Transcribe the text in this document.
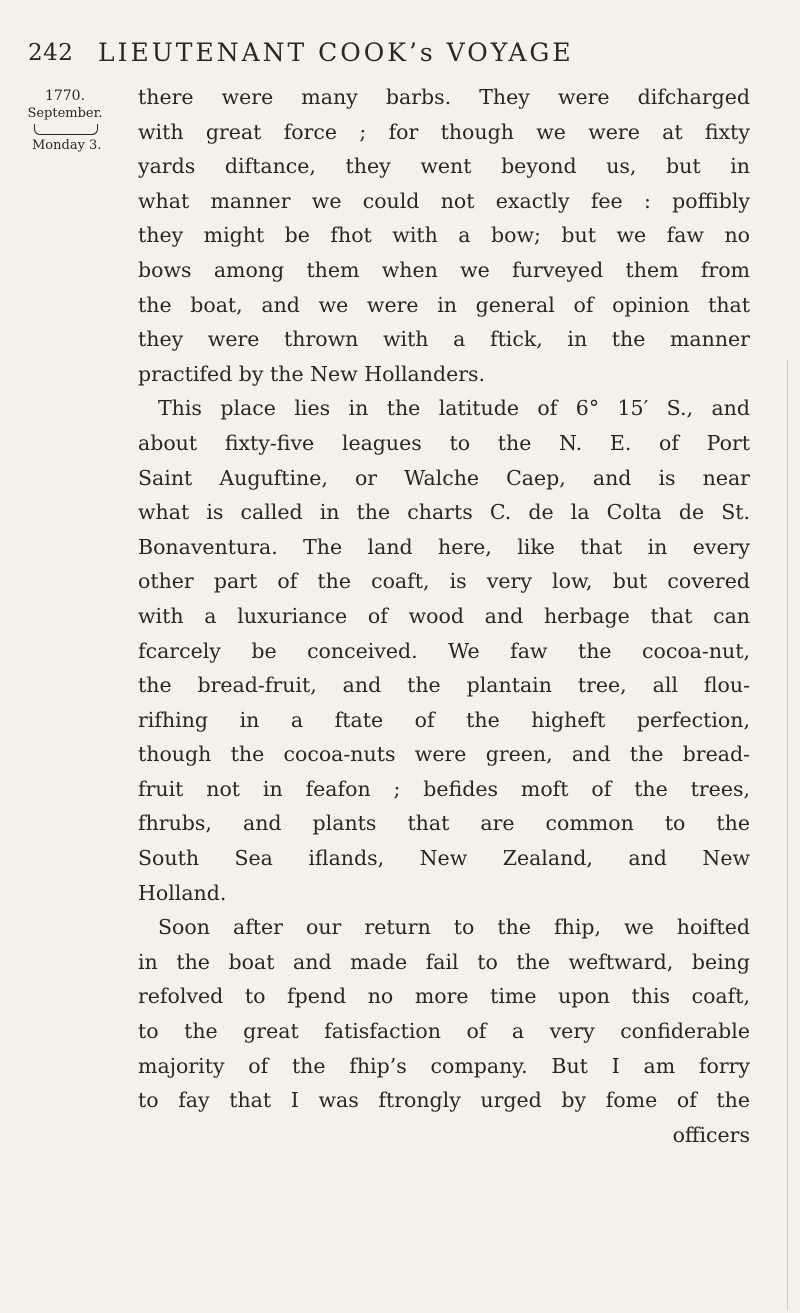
242 LIEUTENANT COOK’s VOYAGE
1770.
September.
Monday 3.
there were many barbs. They were difcharged
with great force ; for though we were at fixty
yards diftance, they went beyond us, but in
what manner we could not exactly fee : poffibly
they might be fhot with a bow; but we faw no
bows among them when we furveyed them from
the boat, and we were in general of opinion that
they were thrown with a ftick, in the manner
practifed by the New Hollanders.
This place lies in the latitude of 6° 15′ S., and
about fixty-five leagues to the N. E. of Port
Saint Auguftine, or Walche Caep, and is near
what is called in the charts C. de la Colta de St.
Bonaventura. The land here, like that in every
other part of the coaft, is very low, but covered
with a luxuriance of wood and herbage that can
fcarcely be conceived. We faw the cocoa-nut,
the bread-fruit, and the plantain tree, all flou-
rifhing in a ftate of the higheft perfection,
though the cocoa-nuts were green, and the bread-
fruit not in feafon ; befides moft of the trees,
fhrubs, and plants that are common to the
South Sea iflands, New Zealand, and New
Holland.
Soon after our return to the fhip, we hoifted
in the boat and made fail to the weftward, being
refolved to fpend no more time upon this coaft,
to the great fatisfaction of a very confiderable
majority of the fhip’s company. But I am forry
to fay that I was ftrongly urged by fome of the
officers
